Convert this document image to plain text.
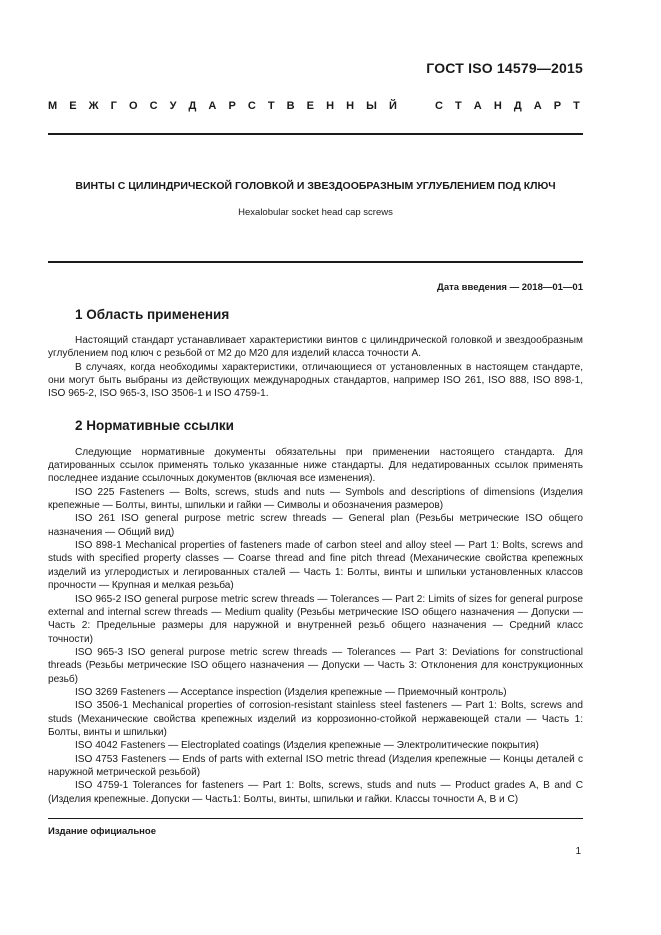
ГОСТ ISO 14579—2015
М Е Ж Г О С У Д А Р С Т В Е Н Н Ы Й	С Т А Н Д А Р Т
ВИНТЫ С ЦИЛИНДРИЧЕСКОЙ ГОЛОВКОЙ И ЗВЕЗДООБРАЗНЫМ УГЛУБЛЕНИЕМ ПОД КЛЮЧ
Hexalobular socket head cap screws
Дата введения — 2018—01—01
1 Область применения

Настоящий стандарт устанавливает характеристики винтов с цилиндрической головкой и звездообразным углублением под ключ с резьбой от M2 до M20 для изделий класса точности А.

В случаях, когда необходимы характеристики, отличающиеся от установленных в настоящем стандарте, они могут быть выбраны из действующих международных стандартов, например ISO 261, ISO 888, ISO 898-1, ISO 965-2, ISO 965-3, ISO 3506-1 и ISO 4759-1.

2 Нормативные ссылки

Следующие нормативные документы обязательны при применении настоящего стандарта. Для датированных ссылок применять только указанные ниже стандарты. Для недатированных ссылок применять последнее издание ссылочных документов (включая все изменения).

ISO 225 Fasteners — Bolts, screws, studs and nuts — Symbols and descriptions of dimensions (Изделия крепежные — Болты, винты, шпильки и гайки — Символы и обозначения размеров)

ISO 261 ISO general purpose metric screw threads — General plan (Резьбы метрические ISO общего назначения — Общий вид)

ISO 898-1 Mechanical properties of fasteners made of carbon steel and alloy steel — Part 1: Bolts, screws and studs with specified property classes — Coarse thread and fine pitch thread (Механические свойства крепежных изделий из углеродистых и легированных сталей — Часть 1: Болты, винты и шпильки установленных классов прочности — Крупная и мелкая резьба)

ISO 965-2 ISO general purpose metric screw threads — Tolerances — Part 2: Limits of sizes for general purpose external and internal screw threads — Medium quality (Резьбы метрические ISO общего назначения — Допуски — Часть 2: Предельные размеры для наружной и внутренней резьб общего назначения — Средний класс точности)

ISO 965-3 ISO general purpose metric screw threads — Tolerances — Part 3: Deviations for constructional threads (Резьбы метрические ISO общего назначения — Допуски — Часть 3: Отклонения для конструкционных резьб)

ISO 3269 Fasteners — Acceptance inspection (Изделия крепежные — Приемочный контроль)

ISO 3506-1 Mechanical properties of corrosion-resistant stainless steel fasteners — Part 1: Bolts, screws and studs (Механические свойства крепежных изделий из коррозионно-стойкой нержавеющей стали — Часть 1: Болты, винты и шпильки)

ISO 4042 Fasteners — Electroplated coatings (Изделия крепежные — Электролитические покрытия)

ISO 4753 Fasteners — Ends of parts with external ISO metric thread (Изделия крепежные — Концы деталей с наружной метрической резьбой)

ISO 4759-1 Tolerances for fasteners — Part 1: Bolts, screws, studs and nuts — Product grades A, B and C (Изделия крепежные. Допуски — Часть1: Болты, винты, шпильки и гайки. Классы точности А, В и С)

Издание официальное
1
